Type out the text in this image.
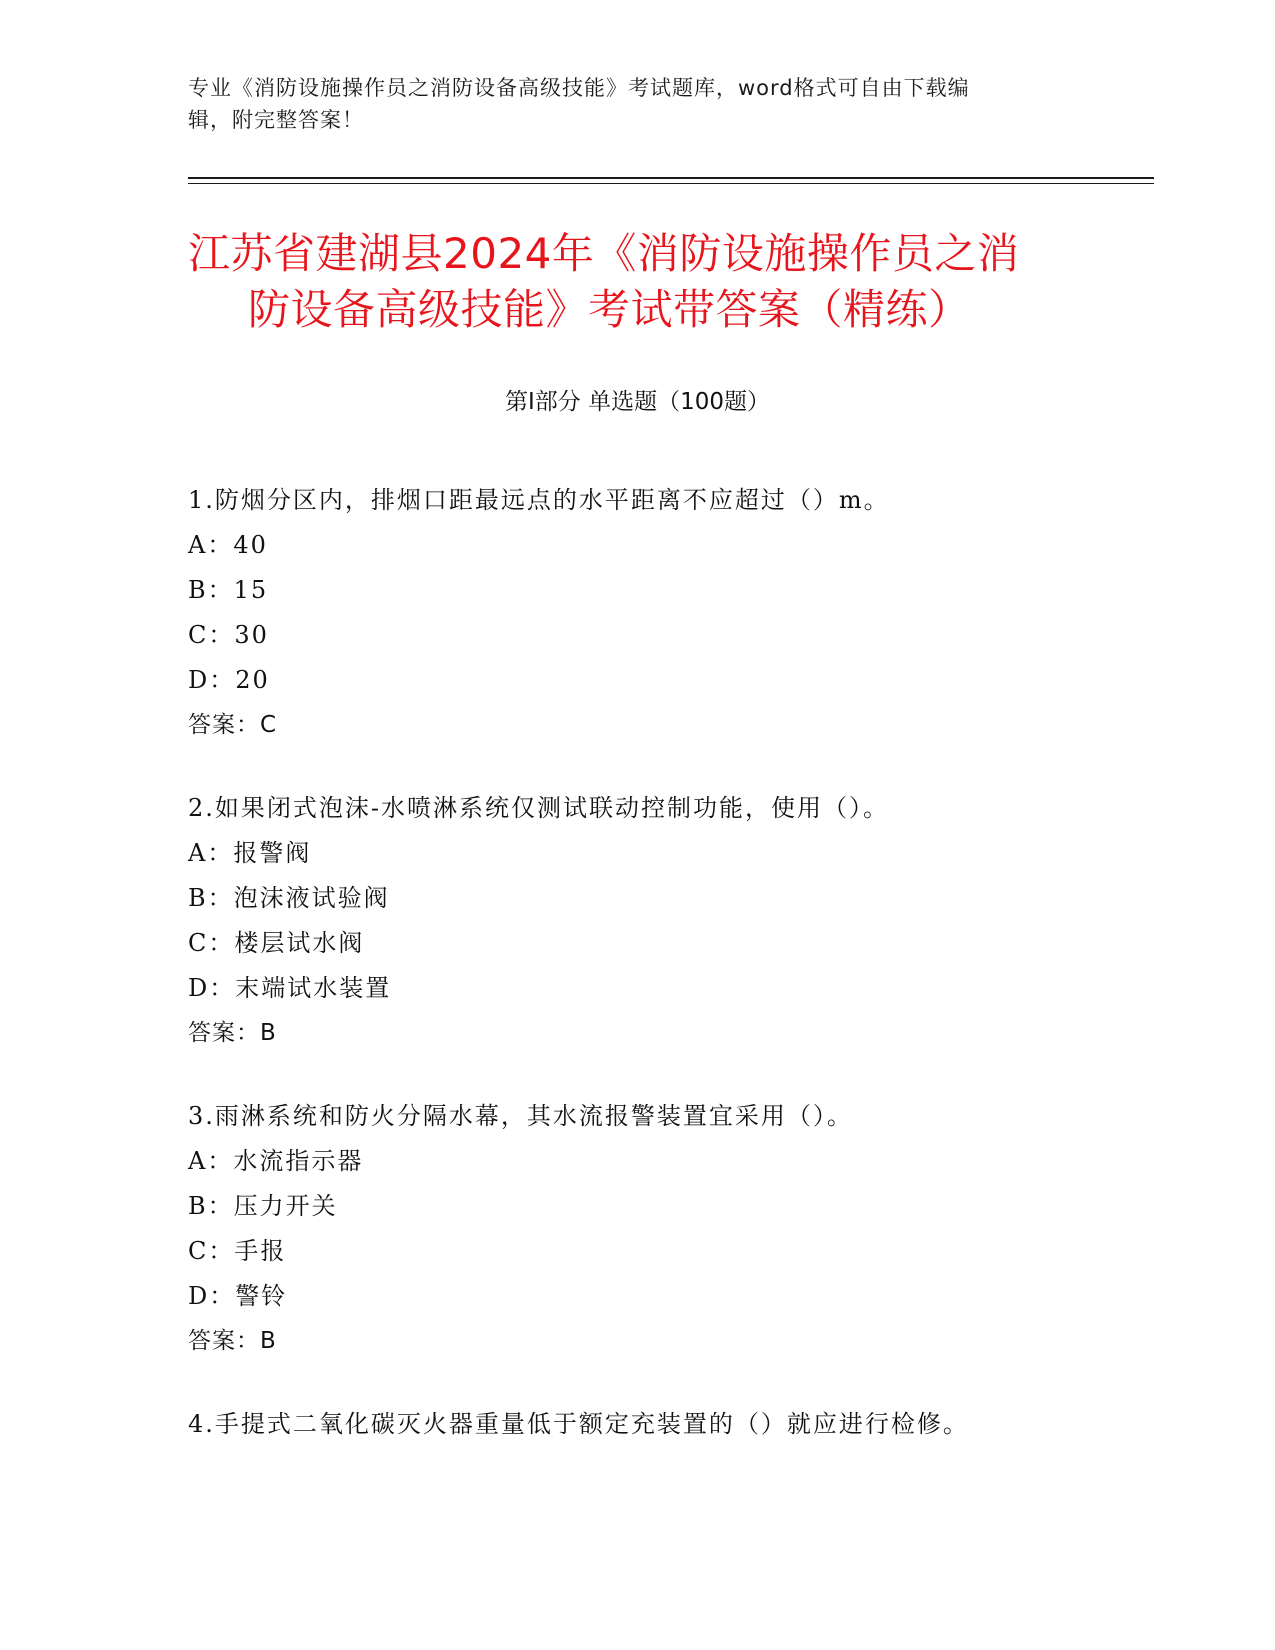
专业《消防设施操作员之消防设备高级技能》考试题库，word格式可自由下载编
辑，附完整答案！
江苏省建湖县2024年《消防设施操作员之消
防设备高级技能》考试带答案（精练）
第Ⅰ部分 单选题（100题）
1.防烟分区内，排烟口距最远点的水平距离不应超过（）m。
A：40
B：15
C：30
D：20
答案：C
2.如果闭式泡沫-水喷淋系统仅测试联动控制功能，使用（）。
A：报警阀
B：泡沫液试验阀
C：楼层试水阀
D：末端试水装置
答案：B
3.雨淋系统和防火分隔水幕，其水流报警装置宜采用（）。
A：水流指示器
B：压力开关
C：手报
D：警铃
答案：B
4.手提式二氧化碳灭火器重量低于额定充装置的（）就应进行检修。
